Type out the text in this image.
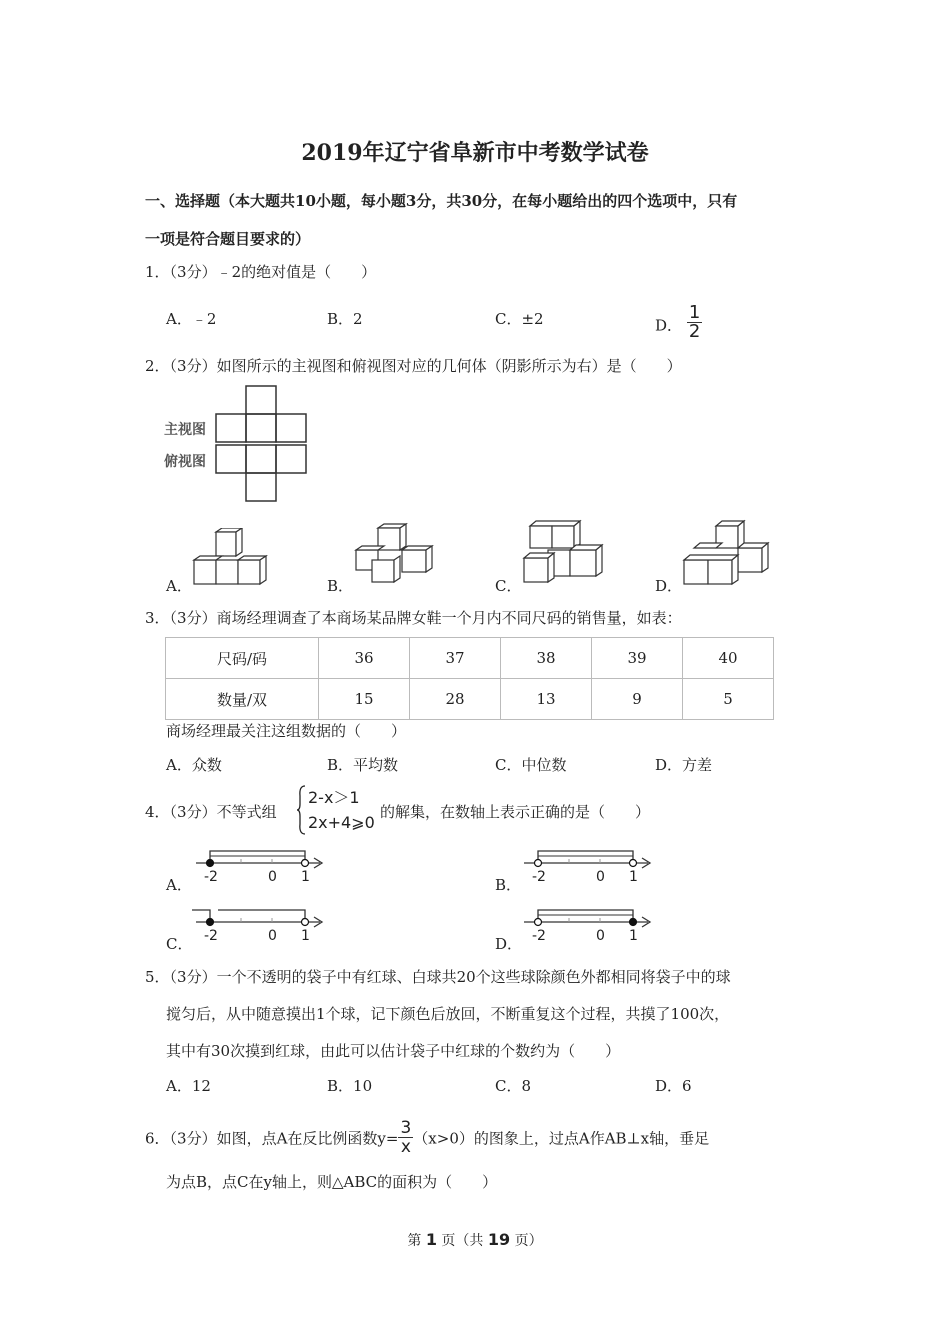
2019年辽宁省阜新市中考数学试卷
一、选择题（本大题共10小题，每小题3分，共30分，在每小题给出的四个选项中，只有
一项是符合题目要求的）
1．（3分）﹣2的绝对值是（　　）
A．﹣2	B．2	C．±2	D． $\frac{1}{2}$
2．（3分）如图所示的主视图和俯视图对应的几何体（阴影所示为右）是（　　）
主视图
俯视图
A．	B．	C．	D．
3．（3分）商场经理调查了本商场某品牌女鞋一个月内不同尺码的销售量，如表：
尺码/码	36	37	38	39	40
数量/双	15	28	13	9	5
商场经理最关注这组数据的（　　）
A．众数	B．平均数	C．中位数	D．方差
4．（3分）不等式组
2-x＞1
2x+4⩾0
的解集，在数轴上表示正确的是（　　）
A．	B．
C．	D．
-2	0 1	-2	0 1
-2	0 1	-2	0 1
5．（3分）一个不透明的袋子中有红球、白球共20个这些球除颜色外都相同将袋子中的球
搅匀后，从中随意摸出1个球，记下颜色后放回，不断重复这个过程，共摸了100次，
其中有30次摸到红球，由此可以估计袋子中红球的个数约为（　　）
A．12	B．10	C．8	D．6
6．（3分）如图，点A在反比例函数$y= \frac{3}{x} (x>0)$的图象上，过点A作AB⊥x轴，垂足
为点B，点C在y轴上，则△ABC的面积为（　　）
第 1 页（共 19 页）
